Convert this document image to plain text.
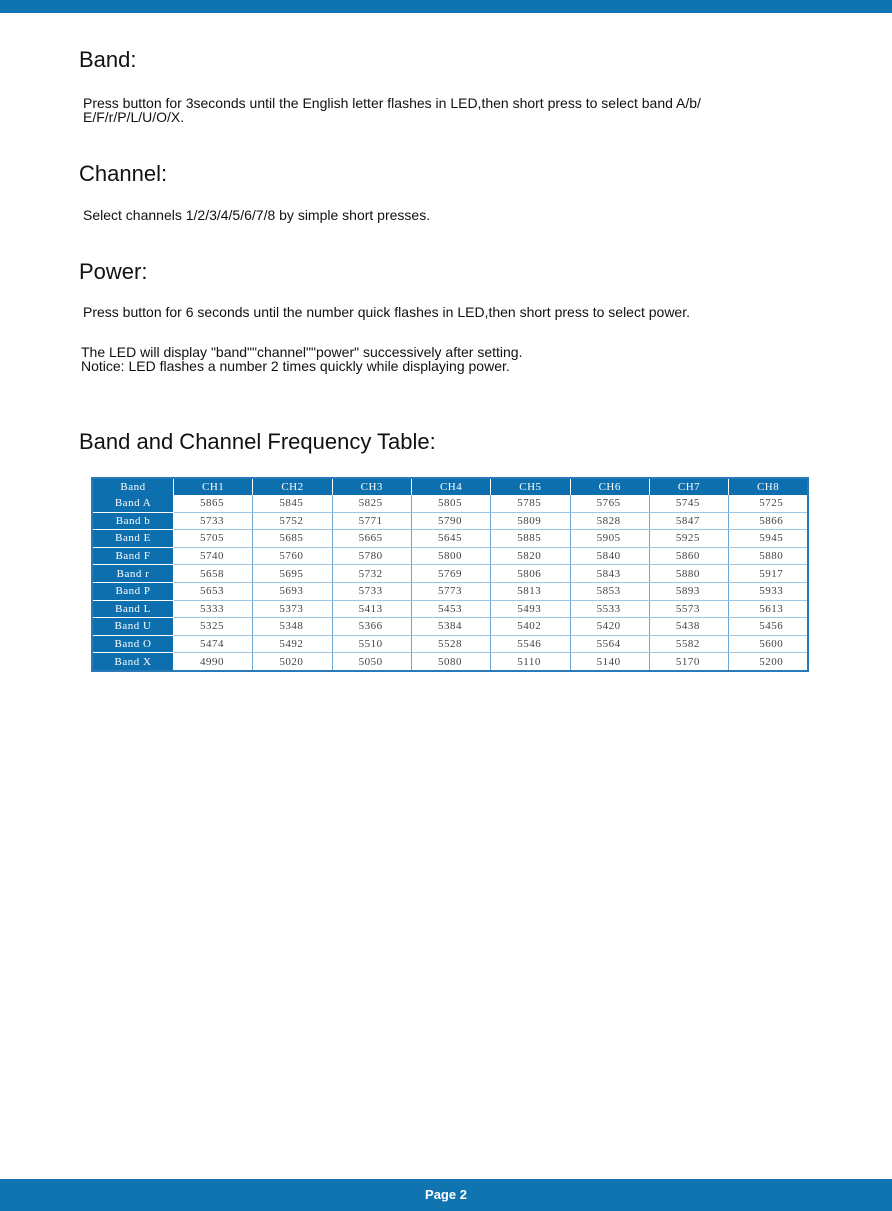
Band:

Press button for 3seconds until the English letter flashes in LED,then short press to select band A/b/
E/F/r/P/L/U/O/X.

Channel:

Select channels 1/2/3/4/5/6/7/8 by simple short presses.

Power:

Press button for 6 seconds until the number quick flashes in LED,then short press to select power.

The LED will display "band""channel""power" successively after setting.
Notice: LED flashes a number 2 times quickly while displaying power.

Band and Channel Frequency Table:
Band	CH1	CH2	CH3	CH4	CH5	CH6	CH7	CH8
Band A	5865	5845	5825	5805	5785	5765	5745	5725
Band b	5733	5752	5771	5790	5809	5828	5847	5866
Band E	5705	5685	5665	5645	5885	5905	5925	5945
Band F	5740	5760	5780	5800	5820	5840	5860	5880
Band r	5658	5695	5732	5769	5806	5843	5880	5917
Band P	5653	5693	5733	5773	5813	5853	5893	5933
Band L	5333	5373	5413	5453	5493	5533	5573	5613
Band U	5325	5348	5366	5384	5402	5420	5438	5456
Band O	5474	5492	5510	5528	5546	5564	5582	5600
Band X	4990	5020	5050	5080	5110	5140	5170	5200
Page 2
